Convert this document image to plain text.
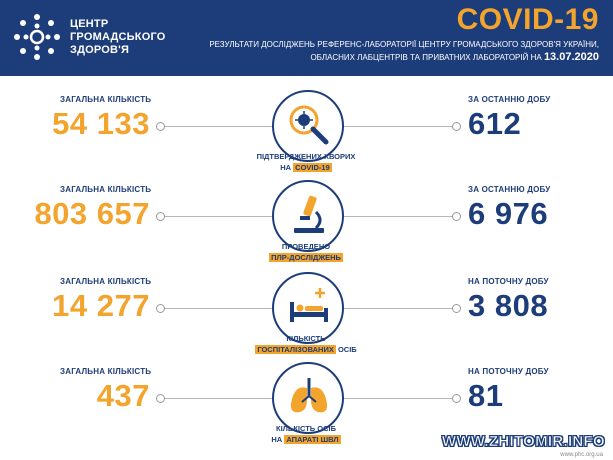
ЦЕНТР
ГРОМАДСЬКОГО
ЗДОРОВ'Я
COVID-19
РЕЗУЛЬТАТИ ДОСЛІДЖЕНЬ РЕФЕРЕНС-ЛАБОРАТОРІЇ ЦЕНТРУ ГРОМАДСЬКОГО ЗДОРОВ'Я УКРАЇНИ,
ОБЛАСНИХ ЛАБЦЕНТРІВ ТА ПРИВАТНИХ ЛАБОРАТОРІЙ НА 13.07.2020
ЗАГАЛЬНА КІЛЬКІСТЬ
54 133
ЗА ОСТАННЮ ДОБУ
612
ПІДТВЕРДЖЕНИХ ХВОРИХ
НА COVID-19
ЗАГАЛЬНА КІЛЬКІСТЬ
803 657
ЗА ОСТАННЮ ДОБУ
6 976
ПРОВЕДЕНО
ПЛР-ДОСЛІДЖЕНЬ
ЗАГАЛЬНА КІЛЬКІСТЬ
14 277
НА ПОТОЧНУ ДОБУ
3 808
КІЛЬКІСТЬ
ГОСПІТАЛІЗОВАНИХ ОСІБ
ЗАГАЛЬНА КІЛЬКІСТЬ
437
НА ПОТОЧНУ ДОБУ
81
КІЛЬКІСТЬ ОСІБ
НА АПАРАТІ ШВЛ	WWW.ZHITOMIR.INFO
www.phc.org.ua
